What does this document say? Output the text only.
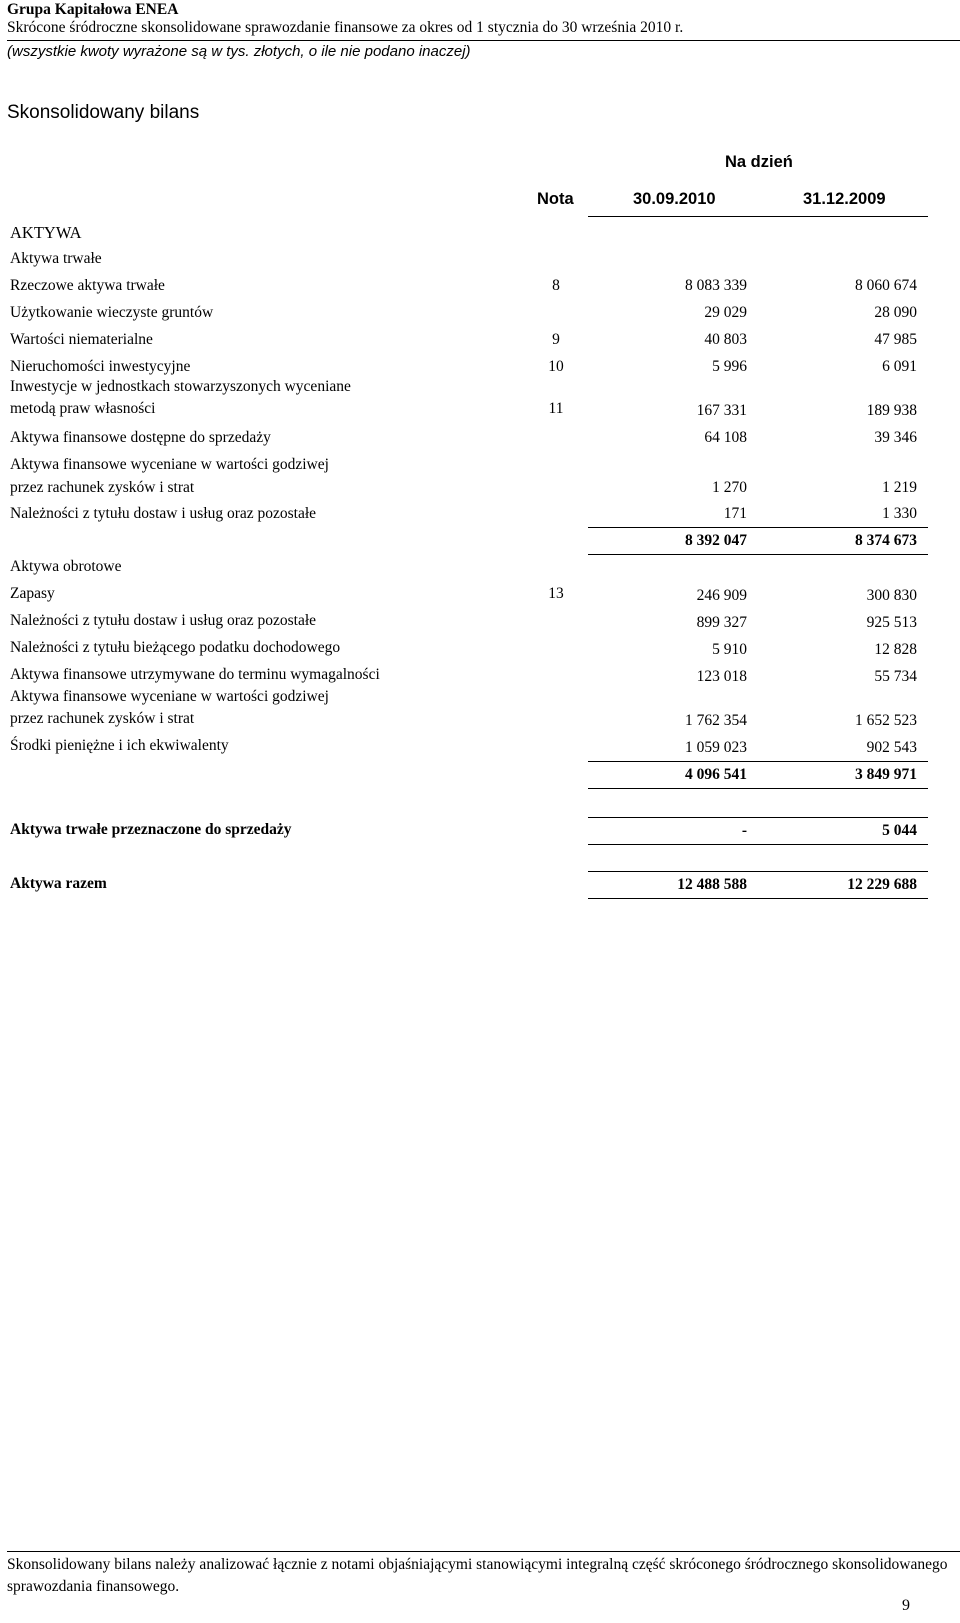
Grupa Kapitałowa ENEA
Skrócone śródroczne skonsolidowane sprawozdanie finansowe za okres od 1 stycznia do 30 września 2010 r.
(wszystkie kwoty wyrażone są w tys. złotych, o ile nie podano inaczej)
Skonsolidowany bilans
Na dzień
Nota	30.09.2010	31.12.2009
AKTYWA
Aktywa trwałe
Rzeczowe aktywa trwałe	8	8 083 339	8 060 674
Użytkowanie wieczyste gruntów	29 029	28 090
Wartości niematerialne	9	40 803	47 985
Nieruchomości inwestycyjne	10	5 996	6 091
Inwestycje w jednostkach stowarzyszonych wyceniane
metodą praw własności	11	167 331	189 938
Aktywa finansowe dostępne do sprzedaży	64 108	39 346
Aktywa finansowe wyceniane w wartości godziwej
przez rachunek zysków i strat	1 270	1 219
Należności z tytułu dostaw i usług oraz pozostałe	171	1 330
8 392 047	8 374 673
Aktywa obrotowe
Zapasy	13	246 909	300 830
Należności z tytułu dostaw i usług oraz pozostałe	899 327	925 513
Należności z tytułu bieżącego podatku dochodowego	5 910	12 828
Aktywa finansowe utrzymywane do terminu wymagalności	123 018	55 734
Aktywa finansowe wyceniane w wartości godziwej
przez rachunek zysków i strat	1 762 354	1 652 523
Środki pieniężne i ich ekwiwalenty	1 059 023	902 543
4 096 541	3 849 971
Aktywa trwałe przeznaczone do sprzedaży	-	5 044
Aktywa razem	12 488 588	12 229 688
Skonsolidowany bilans należy analizować łącznie z notami objaśniającymi stanowiącymi integralną część skróconego śródrocznego skonsolidowanego sprawozdania finansowego.
9
